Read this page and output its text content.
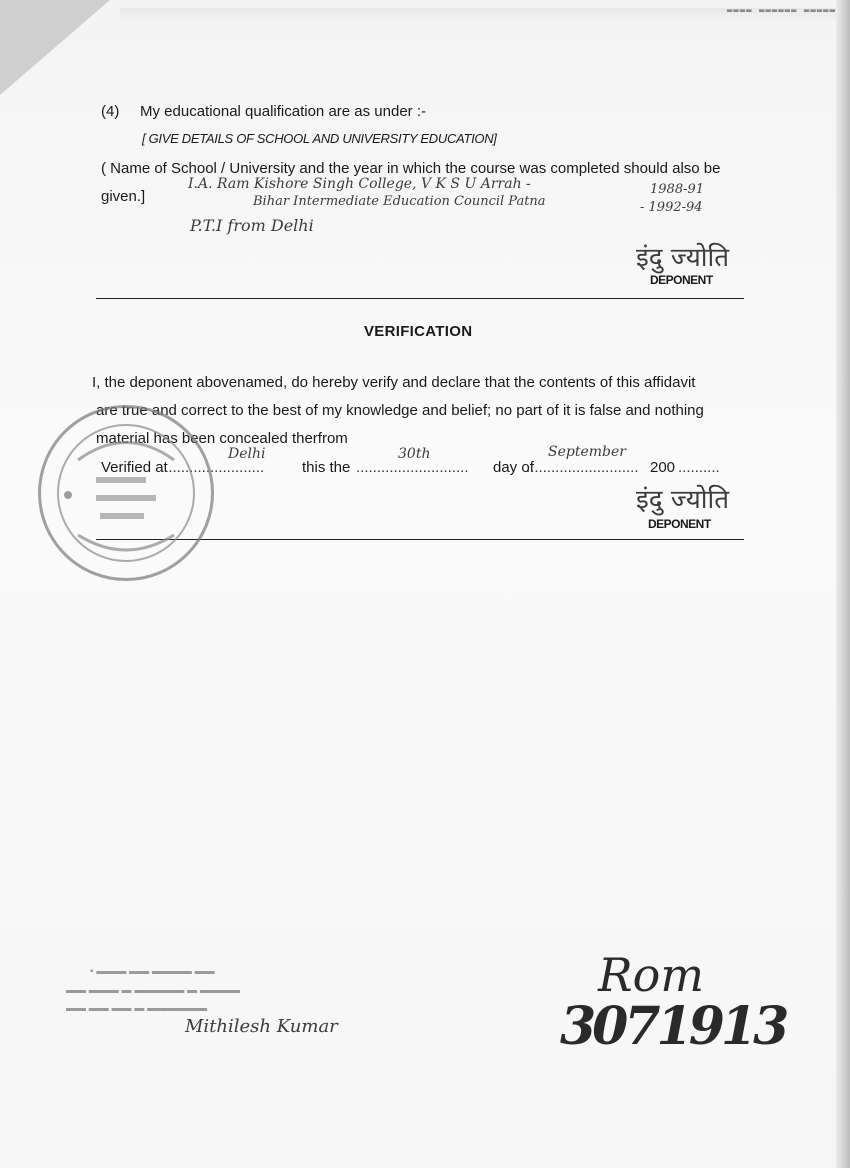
▬▬▬▬ ▬▬▬▬▬▬ ▬▬▬▬▬
(4) My educational qualification are as under :-
[ GIVE DETAILS OF SCHOOL AND UNIVERSITY EDUCATION]
( Name of School / University and the year in which the course was completed should also be
given.]
I.A. Ram Kishore Singh College, V K S U Arrah -
Bihar Intermediate Education Council Patna
P.T.I from Delhi
1988-91
- 1992-94
इंदु ज्योति
DEPONENT
VERIFICATION
I, the deponent abovenamed, do hereby verify and declare that the contents of this affidavit
are true and correct to the best of my knowledge and belief; no part of it is false and nothing
material has been concealed therfrom
Verified at
.........................
Delhi
this the ...........................
30th
day of
...........................
September
200 ..........
इंदु ज्योति
DEPONENT
▪ ▬▬▬ ▬▬ ▬▬▬▬ ▬▬
▬▬ ▬▬▬ ▬ ▬▬▬▬▬ ▬ ▬▬▬▬
▬▬ ▬▬ ▬▬ ▬ ▬▬▬▬▬▬
Mithilesh Kumar
Rom
3071913
